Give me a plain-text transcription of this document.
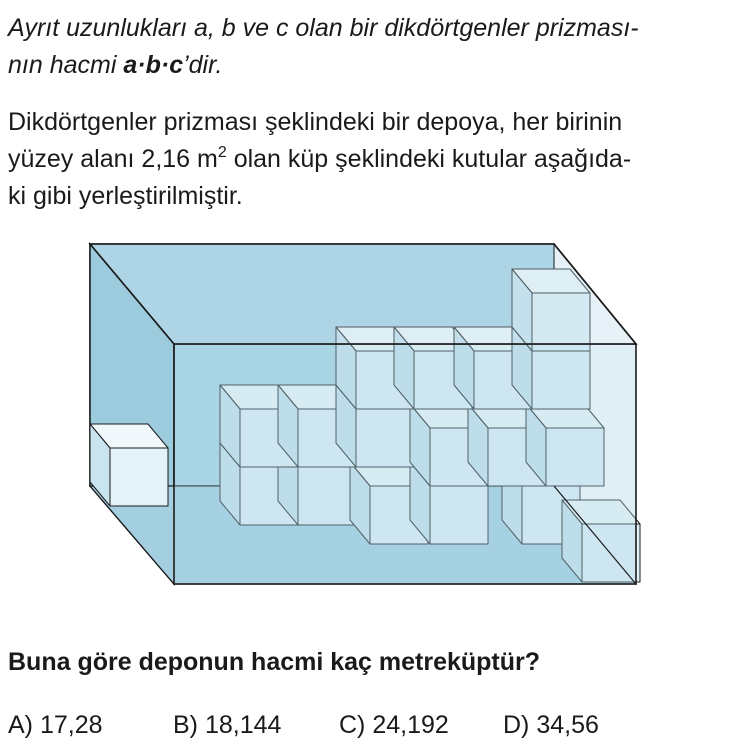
Ayrıt uzunlukları a, b ve c olan bir dikdörtgenler prizması-
nın hacmi a·b·c’dir.
Dikdörtgenler prizması şeklindeki bir depoya, her birinin
yüzey alanı 2,16 $m^2$ olan küp şeklindeki kutular aşağıda-
ki gibi yerleştirilmiştir.
Buna göre deponun hacmi kaç metreküptür?
A) 17,28	B) 18,144 C) 24,192 D) 34,56
